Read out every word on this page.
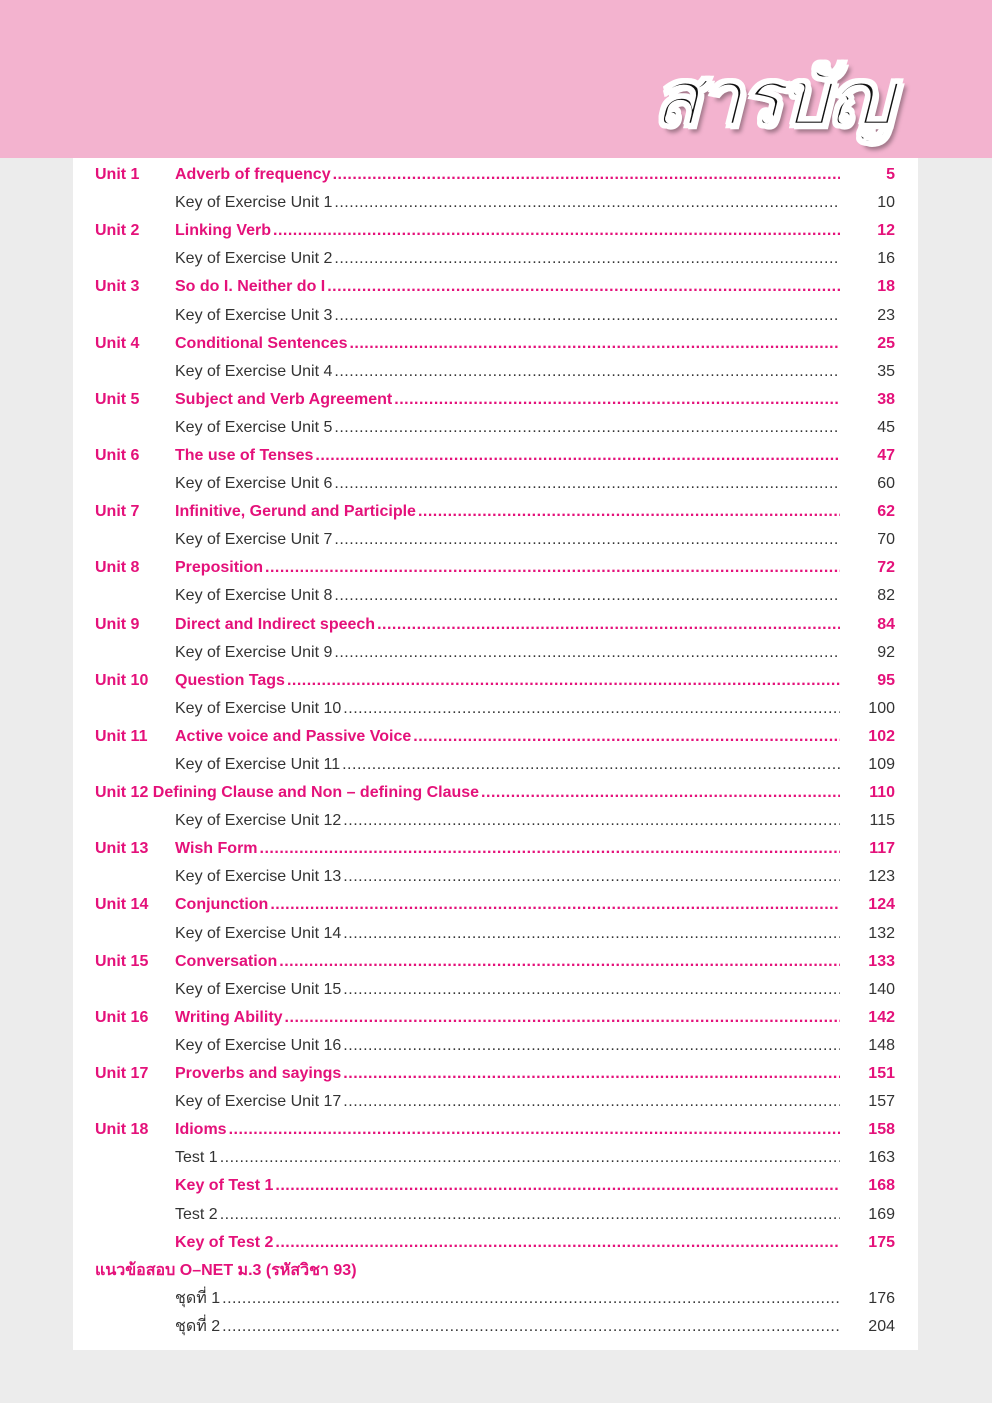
สารบัญ
Unit 1	Adverb of frequency .....	5
Key of Exercise Unit 1 .....	10
Unit 2	Linking Verb .....	12
Key of Exercise Unit 2 .....	16
Unit 3	So do I. Neither do I .....	18
Key of Exercise Unit 3 .....	23
Unit 4	Conditional Sentences .....	25
Key of Exercise Unit 4 .....	35
Unit 5	Subject and Verb Agreement .....	38
Key of Exercise Unit 5 .....	45
Unit 6	The use of Tenses .....	47
Key of Exercise Unit 6 .....	60
Unit 7	Infinitive, Gerund and Participle .....	62
Key of Exercise Unit 7 .....	70
Unit 8	Preposition .....	72
Key of Exercise Unit 8 .....	82
Unit 9	Direct and Indirect speech .....	84
Key of Exercise Unit 9 .....	92
Unit 10	Question Tags .....	95
Key of Exercise Unit 10 .....	100
Unit 11	Active voice and Passive Voice .....	102
Key of Exercise Unit 11 .....	109
Unit 12 Defining Clause and Non – defining Clause .....	110
Key of Exercise Unit 12 .....	115
Unit 13	Wish Form .....	117
Key of Exercise Unit 13 .....	123
Unit 14	Conjunction .....	124
Key of Exercise Unit 14 .....	132
Unit 15	Conversation .....	133
Key of Exercise Unit 15 .....	140
Unit 16	Writing Ability .....	142
Key of Exercise Unit 16 .....	148
Unit 17	Proverbs and sayings .....	151
Key of Exercise Unit 17 .....	157
Unit 18	Idioms .....	158
Test 1 .....	163
Key of Test 1 .....	168
Test 2 .....	169
Key of Test 2 .....	175
แนวข้อสอบ O–NET ม.3 (รหัสวิชา 93)
ชุดที่ 1 .....	176
ชุดที่ 2 .....	204
